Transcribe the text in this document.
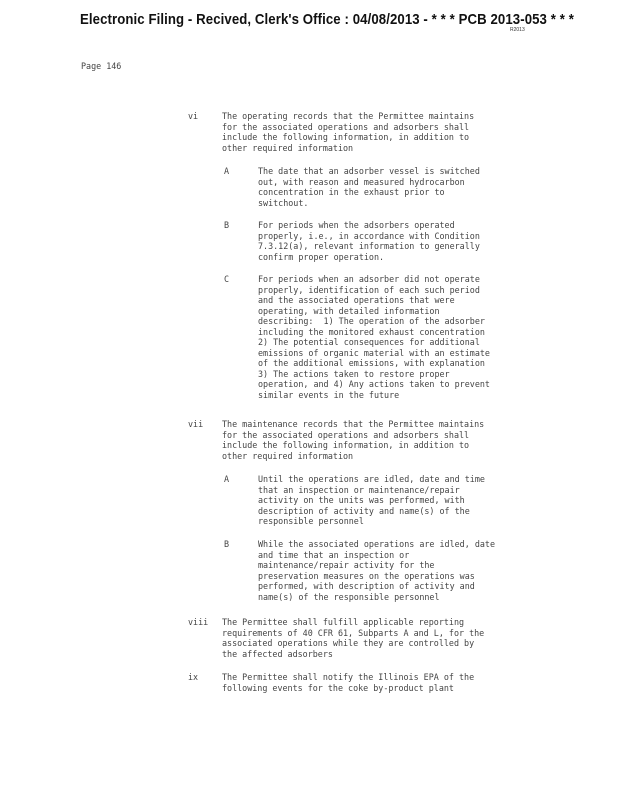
Electronic Filing - Recived, Clerk's Office : 04/08/2013 - * * * PCB 2013-053 * * *
R2013
Page 146

vi

	The operating records that the Permittee maintains
for the associated operations and adsorbers shall
include the following information, in addition to
other required information

A

	The date that an adsorber vessel is switched
out, with reason and measured hydrocarbon
concentration in the exhaust prior to
switchout.

B

	For periods when the adsorbers operated
properly, i.e., in accordance with Condition
7.3.12(a), relevant information to generally
confirm proper operation.

C

	For periods when an adsorber did not operate
properly, identification of each such period
and the associated operations that were
operating, with detailed information
describing:  1) The operation of the adsorber
including the monitored exhaust concentration
2) The potential consequences for additional
emissions of organic material with an estimate
of the additional emissions, with explanation
3) The actions taken to restore proper
operation, and 4) Any actions taken to prevent
similar events in the future

vii

The maintenance records that the Permittee maintains
for the associated operations and adsorbers shall
include the following information, in addition to
other required information

A

	Until the operations are idled, date and time
that an inspection or maintenance/repair
activity on the units was performed, with
description of activity and name(s) of the
responsible personnel

B

	While the associated operations are idled, date
and time that an inspection or
maintenance/repair activity for the
preservation measures on the operations was
performed, with description of activity and
name(s) of the responsible personnel

viii

The Permittee shall fulfill applicable reporting
requirements of 40 CFR 61, Subparts A and L, for the
associated operations while they are controlled by
the affected adsorbers

ix

	The Permittee shall notify the Illinois EPA of the
following events for the coke by-product plant
